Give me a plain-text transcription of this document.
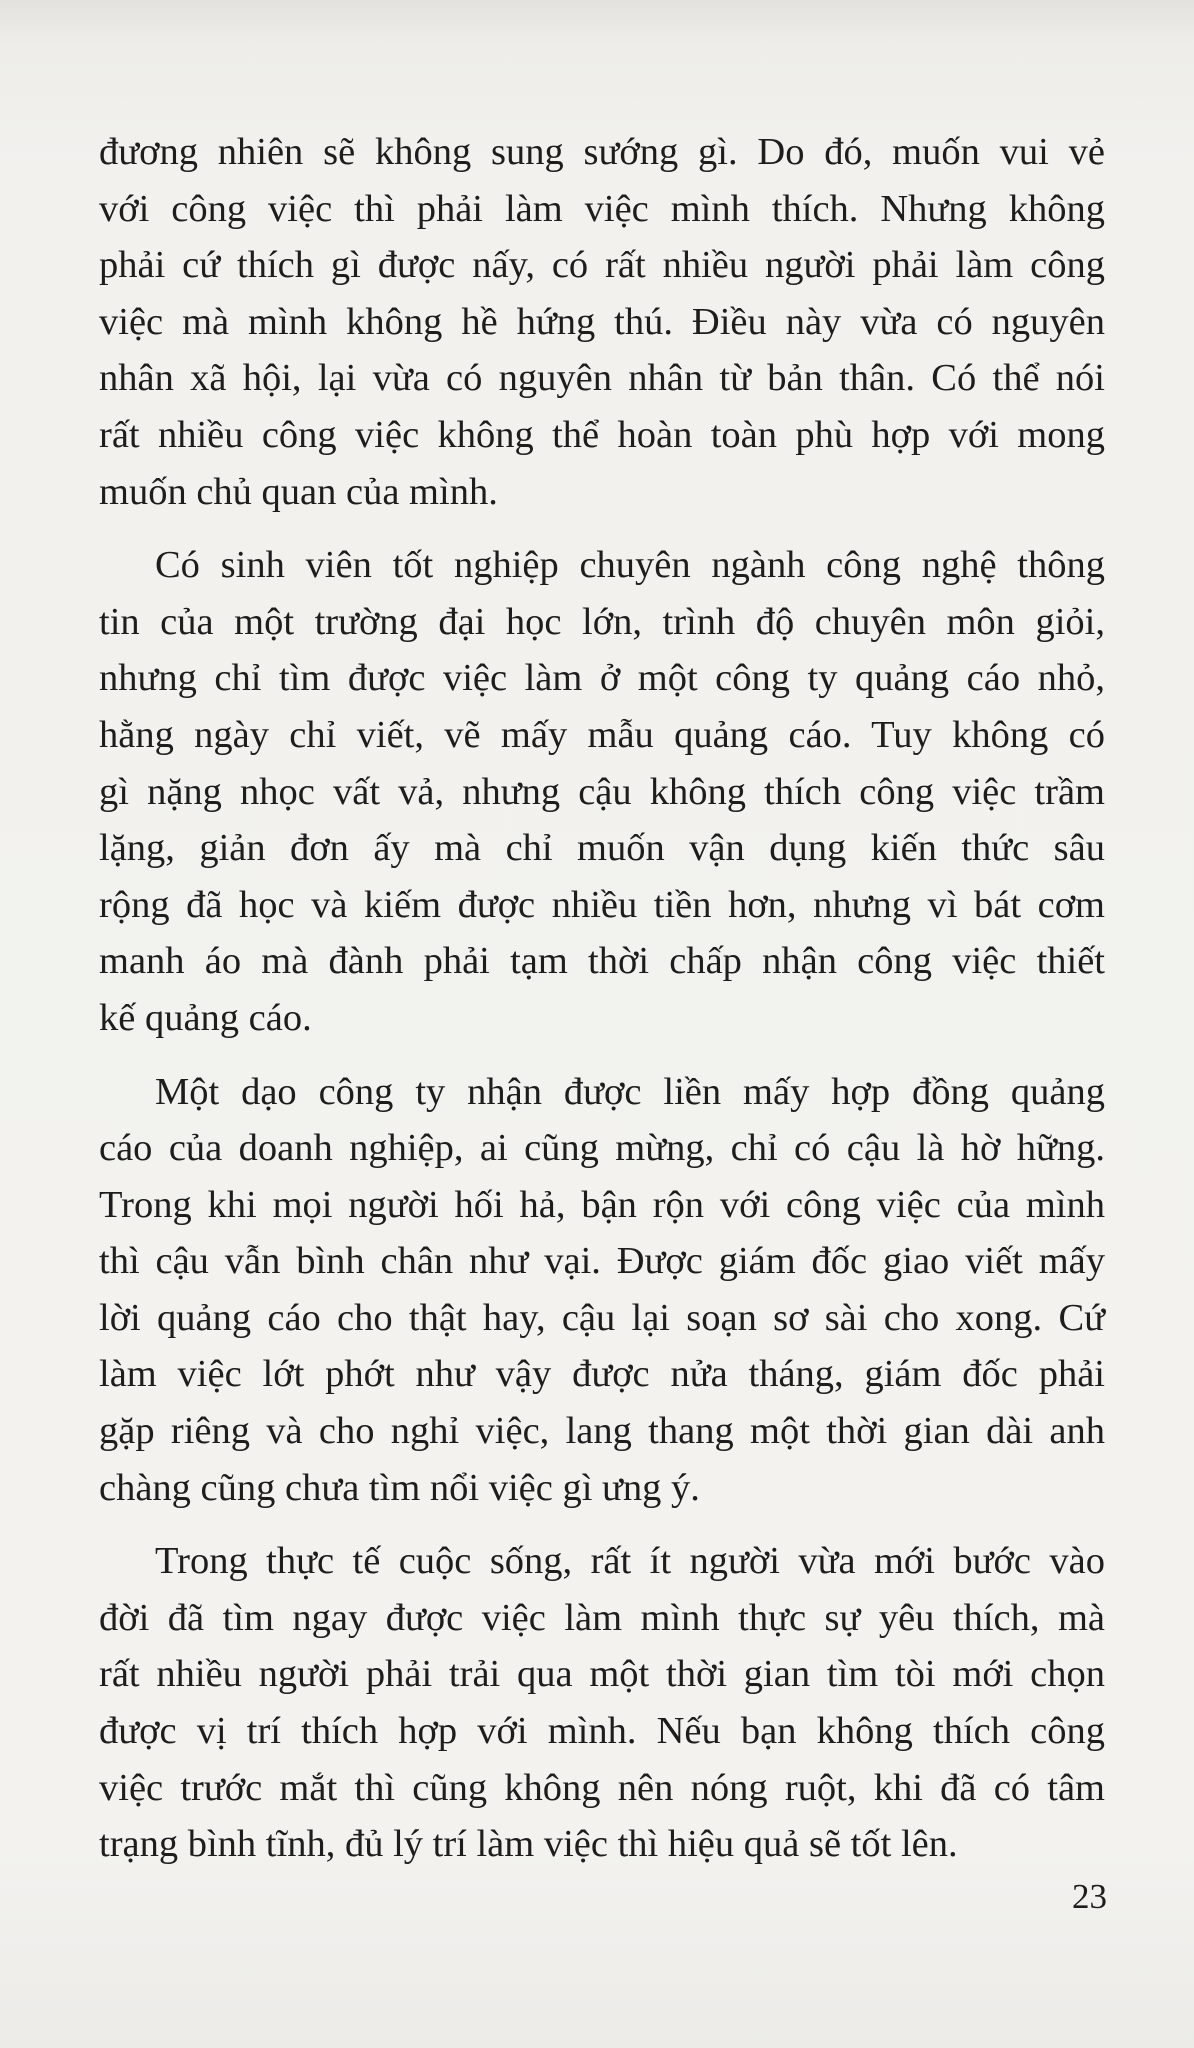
đương nhiên sẽ không sung sướng gì. Do đó, muốn vui vẻ
với công việc thì phải làm việc mình thích. Nhưng không
phải cứ thích gì được nấy, có rất nhiều người phải làm công
việc mà mình không hề hứng thú. Điều này vừa có nguyên
nhân xã hội, lại vừa có nguyên nhân từ bản thân. Có thể nói
rất nhiều công việc không thể hoàn toàn phù hợp với mong
muốn chủ quan của mình.

Có sinh viên tốt nghiệp chuyên ngành công nghệ thông
tin của một trường đại học lớn, trình độ chuyên môn giỏi,
nhưng chỉ tìm được việc làm ở một công ty quảng cáo nhỏ,
hằng ngày chỉ viết, vẽ mấy mẫu quảng cáo. Tuy không có
gì nặng nhọc vất vả, nhưng cậu không thích công việc trầm
lặng, giản đơn ấy mà chỉ muốn vận dụng kiến thức sâu
rộng đã học và kiếm được nhiều tiền hơn, nhưng vì bát cơm
manh áo mà đành phải tạm thời chấp nhận công việc thiết
kế quảng cáo.

Một dạo công ty nhận được liền mấy hợp đồng quảng
cáo của doanh nghiệp, ai cũng mừng, chỉ có cậu là hờ hững.
Trong khi mọi người hối hả, bận rộn với công việc của mình
thì cậu vẫn bình chân như vại. Được giám đốc giao viết mấy
lời quảng cáo cho thật hay, cậu lại soạn sơ sài cho xong. Cứ
làm việc lớt phớt như vậy được nửa tháng, giám đốc phải
gặp riêng và cho nghỉ việc, lang thang một thời gian dài anh
chàng cũng chưa tìm nổi việc gì ưng ý.

Trong thực tế cuộc sống, rất ít người vừa mới bước vào
đời đã tìm ngay được việc làm mình thực sự yêu thích, mà
rất nhiều người phải trải qua một thời gian tìm tòi mới chọn
được vị trí thích hợp với mình. Nếu bạn không thích công
việc trước mắt thì cũng không nên nóng ruột, khi đã có tâm
trạng bình tĩnh, đủ lý trí làm việc thì hiệu quả sẽ tốt lên.

23
